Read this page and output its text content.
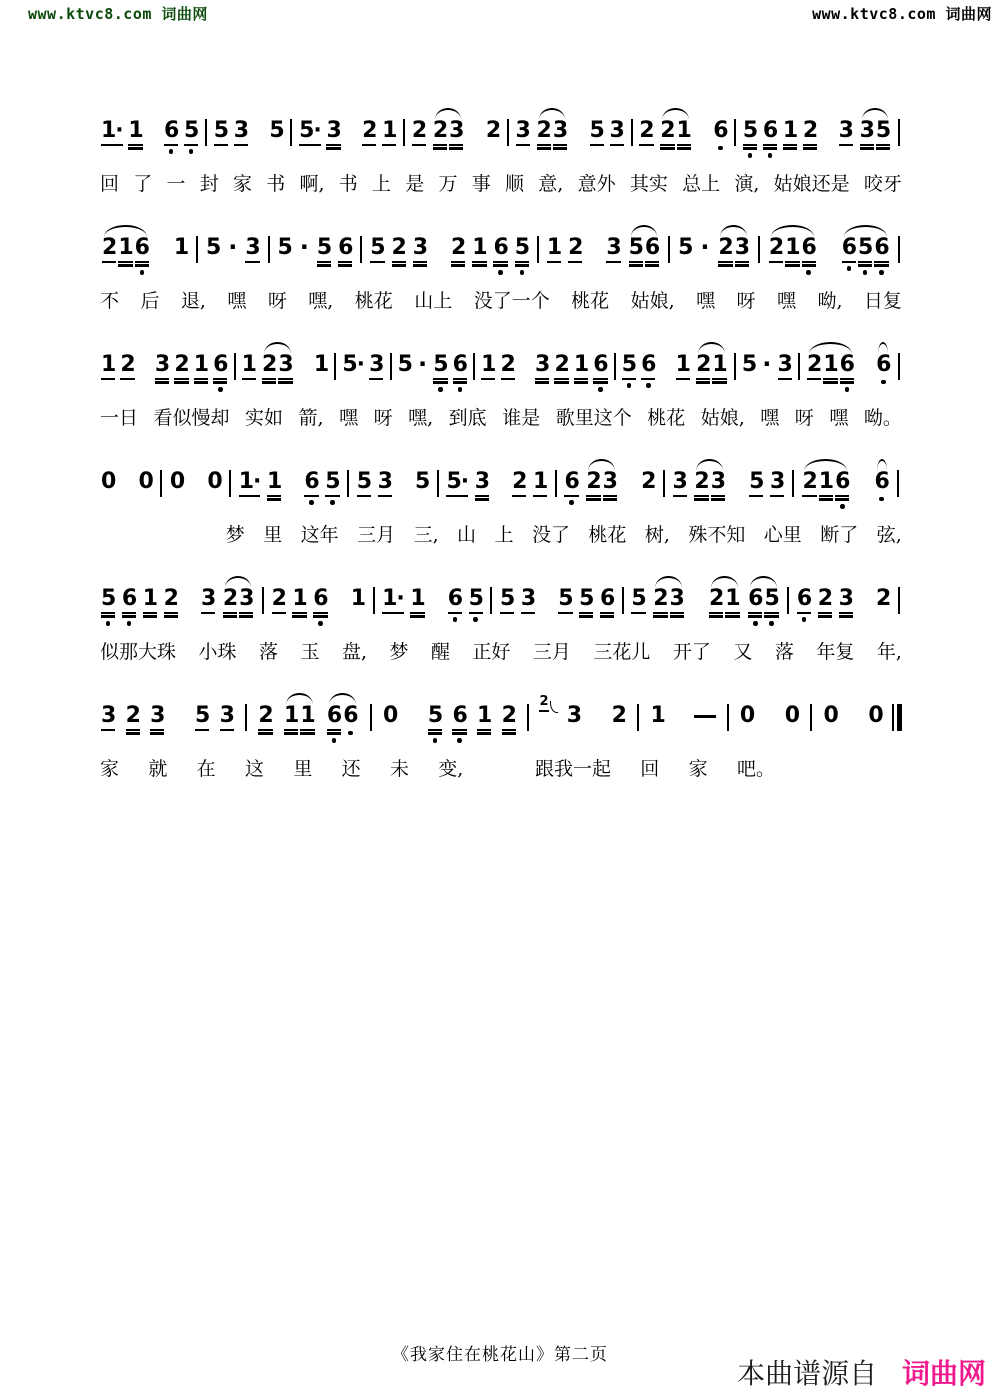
www.ktvc8.com 词曲网	www.ktvc8.com 词曲网
1· 1 6 5 5 3 5 5· 3 2 1 2 2 3 2 3 2 3 5 3 2 2 1 6 5 6 1 2 3 3 5
回 了 一 封 家 书 啊, 书 上 是 万 事 顺 意, 意外 其实 总上 演, 姑娘还是 咬牙
2 1 6 1 5 · 3 5 · 5 6 5 2 3 2 1 6 5 1 2 3 5 6 5 · 2 3 2 1 6 6 5 6
不 后 退, 嘿 呀 嘿, 桃花 山上 没了一个 桃花 姑娘, 嘿 呀 嘿 呦, 日复
1 2 3 2 1 6 1 2 3 1 5· 3 5 · 5 6 1 2 3 2 1 6 5 6 1 2 1 5 · 3 2 1 6 6
一日 看似慢却 实如 箭, 嘿 呀 嘿, 到底 谁是 歌里这个 桃花 姑娘, 嘿 呀 嘿 呦。
0 0 0 0 1· 1 6 5 5 3 5 5· 3 2 1 6 2 3 2 3 2 3 5 3 2 1 6 6
梦 里 这年 三月 三, 山 上 没了 桃花 树, 殊不知 心里 断了 弦,
5 6 1 2 3 2 3 2 1 6 1 1· 1 6 5 5 3 5 5 6 5 2 3 2 1 6 5 6 2 3 2
似那大珠 小珠 落 玉 盘, 梦 醒 正好 三月 三花儿 开了 又 落 年复 年,
3 2 3 5 3 2 1 1 6 6 0 5 6 1 2
2
3 2 1	0 0 0 0
家 就 在 这 里 还 未 变,	跟我一起 回 家 吧。
《我家住在桃花山》第二页
本曲谱源自 词曲网
